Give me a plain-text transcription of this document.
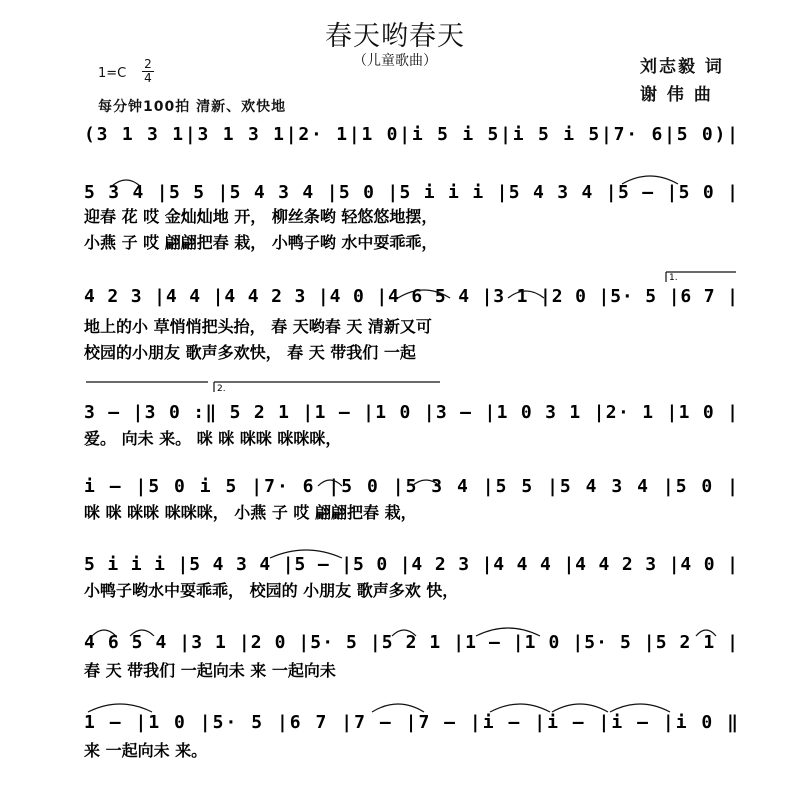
春天哟春天
（儿童歌曲）	刘志毅 词
谢 伟 曲
1=C
2
4
每分钟100拍 清新、欢快地
(3 1 3 1|3 1 3 1|2· 1|1 0|i 5 i 5|i 5 i 5|7· 6|5 0)|
5 3 4 |5 5 |5 4 3 4 |5 0 |5 i i i |5 4 3 4 |5 – |5 0 |
迎春 花 哎 金灿灿地 开， 柳丝条哟 轻悠悠地摆，
小燕 子 哎 翩翩把春 栽， 小鸭子哟 水中耍乖乖，
4 2 3 |4 4 |4 4 2 3 |4 0 |4 6 5 4 |3 1 |2 0 |5· 5 |6 7 |
地上的小 草悄悄把头抬， 春 天哟春 天 清新又可
校园的小朋友 歌声多欢快， 春 天 带我们 一起
3 – |3 0 :‖ 5 2 1 |1 – |1 0 |3 – |1 0 3 1 |2· 1 |1 0 |
爱。 向未 来。 咪 咪 咪咪 咪咪咪，
i – |5 0 i 5 |7· 6 |5 0 |5 3 4 |5 5 |5 4 3 4 |5 0 |
咪 咪 咪咪 咪咪咪， 小燕 子 哎 翩翩把春 栽，
5 i i i |5 4 3 4 |5 – |5 0 |4 2 3 |4 4 4 |4 4 2 3 |4 0 |
小鸭子哟水中耍乖乖， 校园的 小朋友 歌声多欢 快，
4 6 5 4 |3 1 |2 0 |5· 5 |5 2 1 |1 – |1 0 |5· 5 |5 2 1 |
春 天 带我们 一起向未 来 一起向未
1 – |1 0 |5· 5 |6 7 |7 – |7 – |i – |i – |i – |i 0 ‖
来 一起向未 来。
1.
2.
